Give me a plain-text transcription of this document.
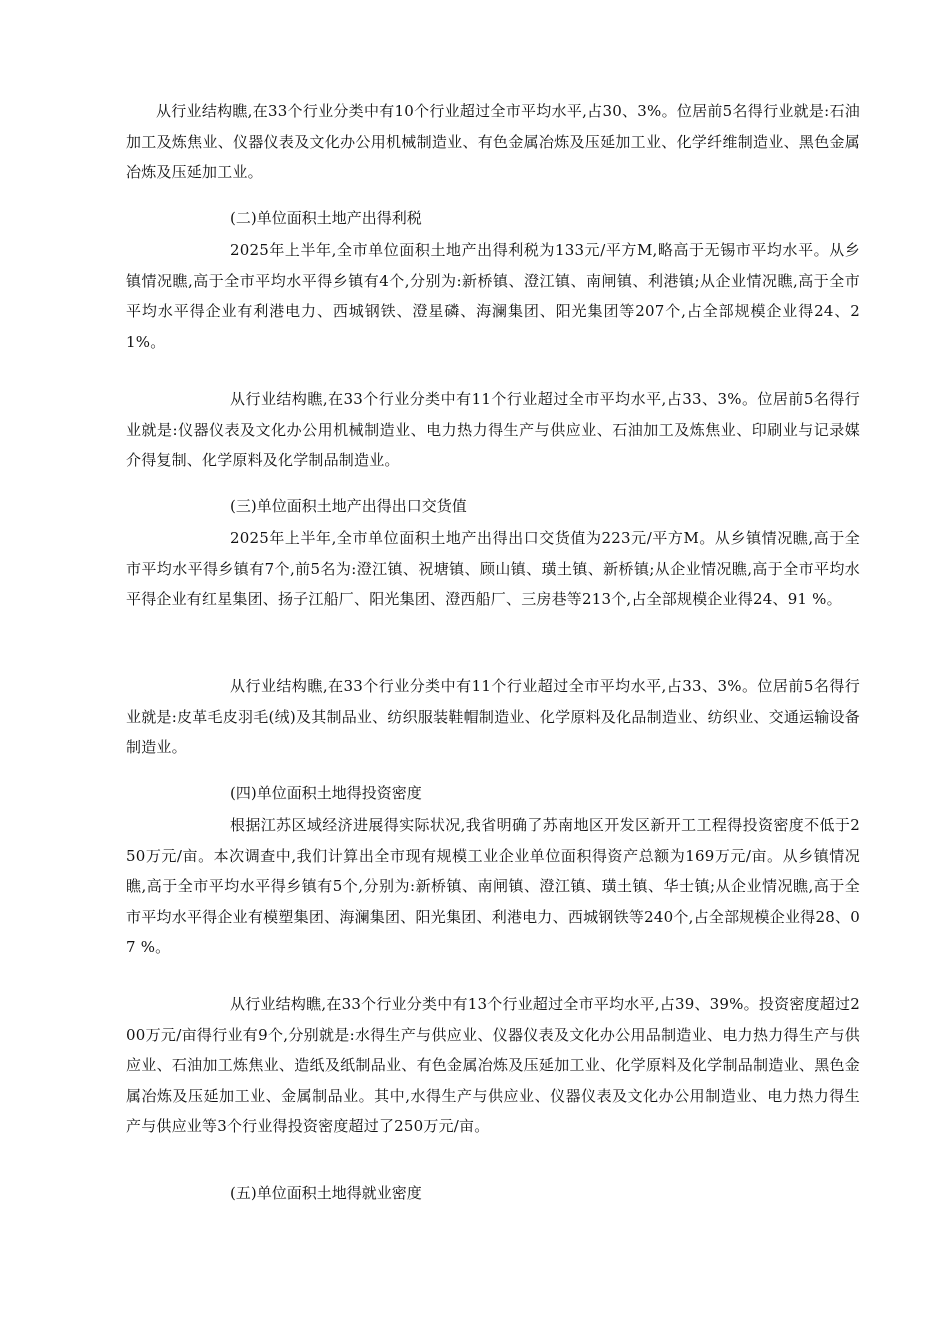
从行业结构瞧,在33个行业分类中有10个行业超过全市平均水平,占30、3%。位居前5名得行业就是:石油加工及炼焦业、仪器仪表及文化办公用机械制造业、有色金属冶炼及压延加工业、化学纤维制造业、黑色金属冶炼及压延加工业。

(二)单位面积土地产出得利税

2025年上半年,全市单位面积土地产出得利税为133元/平方M,略高于无锡市平均水平。从乡镇情况瞧,高于全市平均水平得乡镇有4个,分别为:新桥镇、澄江镇、南闸镇、利港镇;从企业情况瞧,高于全市平均水平得企业有利港电力、西城钢铁、澄星磷、海澜集团、阳光集团等207个,占全部规模企业得24、21%。

从行业结构瞧,在33个行业分类中有11个行业超过全市平均水平,占33、3%。位居前5名得行业就是:仪器仪表及文化办公用机械制造业、电力热力得生产与供应业、石油加工及炼焦业、印刷业与记录媒介得复制、化学原料及化学制品制造业。

(三)单位面积土地产出得出口交货值

2025年上半年,全市单位面积土地产出得出口交货值为223元/平方M。从乡镇情况瞧,高于全市平均水平得乡镇有7个,前5名为:澄江镇、祝塘镇、顾山镇、璜土镇、新桥镇;从企业情况瞧,高于全市平均水平得企业有红星集团、扬子江船厂、阳光集团、澄西船厂、三房巷等213个,占全部规模企业得24、91 %。

从行业结构瞧,在33个行业分类中有11个行业超过全市平均水平,占33、3%。位居前5名得行业就是:皮革毛皮羽毛(绒)及其制品业、纺织服装鞋帽制造业、化学原料及化品制造业、纺织业、交通运输设备制造业。

(四)单位面积土地得投资密度

根据江苏区域经济进展得实际状况,我省明确了苏南地区开发区新开工工程得投资密度不低于250万元/亩。本次调查中,我们计算出全市现有规模工业企业单位面积得资产总额为169万元/亩。从乡镇情况瞧,高于全市平均水平得乡镇有5个,分别为:新桥镇、南闸镇、澄江镇、璜土镇、华士镇;从企业情况瞧,高于全市平均水平得企业有模塑集团、海澜集团、阳光集团、利港电力、西城钢铁等240个,占全部规模企业得28、07 %。

从行业结构瞧,在33个行业分类中有13个行业超过全市平均水平,占39、39%。投资密度超过200万元/亩得行业有9个,分别就是:水得生产与供应业、仪器仪表及文化办公用品制造业、电力热力得生产与供应业、石油加工炼焦业、造纸及纸制品业、有色金属冶炼及压延加工业、化学原料及化学制品制造业、黑色金属冶炼及压延加工业、金属制品业。其中,水得生产与供应业、仪器仪表及文化办公用制造业、电力热力得生产与供应业等3个行业得投资密度超过了250万元/亩。

(五)单位面积土地得就业密度
